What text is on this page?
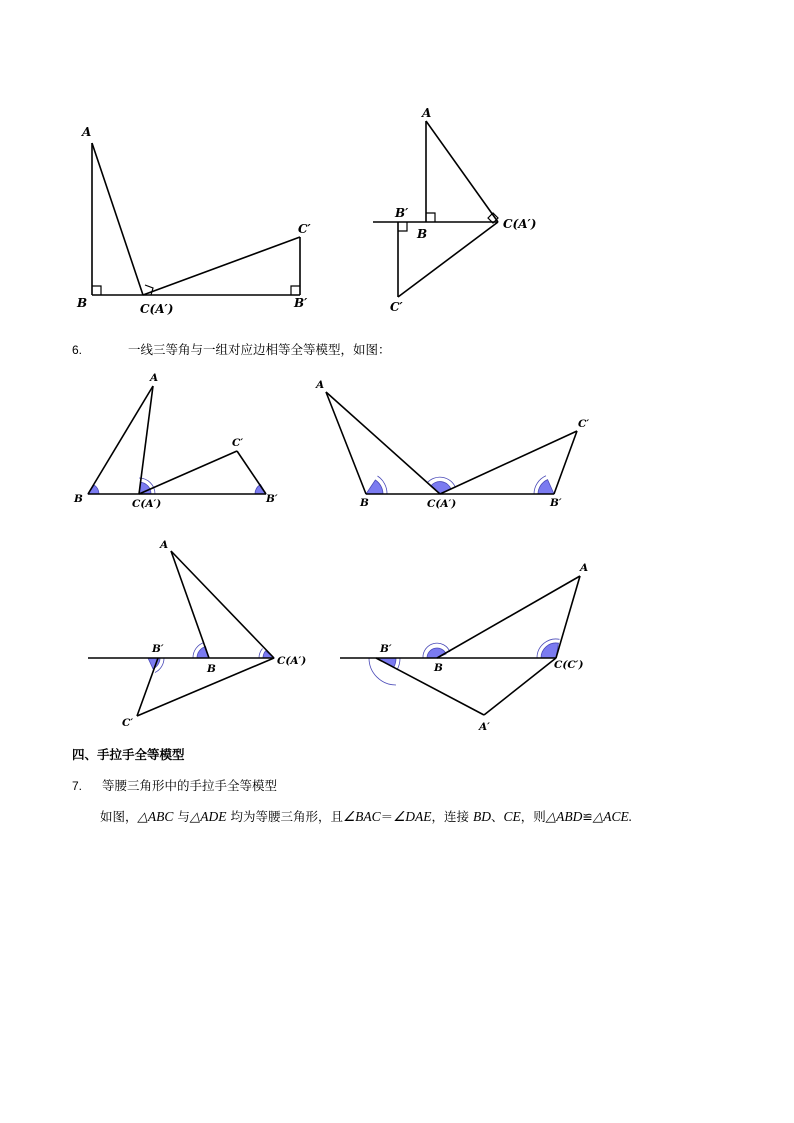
A
B	C(A′)	B′
C′
A
B′
B
C(A′)
C′
A
B	C(A′)	B′
C′
A
B	C(A′)	B′
C′
A
B′
B
C(A′)
C′
B′
B	C(C′)
A
A′
6.	一线三等角与一组对应边相等全等模型，如图：
四、手拉手全等模型
7. 等腰三角形中的手拉手全等模型
如图，△ABC 与△ADE 均为等腰三角形，且∠BAC＝∠DAE，连接 BD、CE，则△ABD≌△ACE.
